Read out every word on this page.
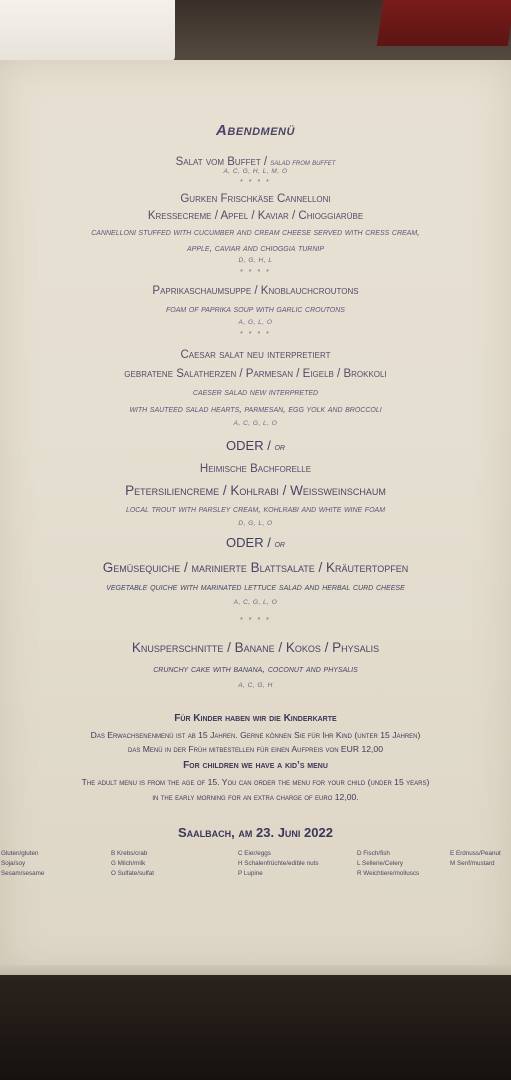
Abendmenü
Salat vom Buffet / salad from buffet
A, C, G, H, L, M, O
* * * *
Gurken Frischkäse Cannelloni
Kressecreme / Apfel / Kaviar / Chioggiarübe
cannelloni stuffed with cucumber and cream cheese served with cress cream,
apple, caviar and chioggia turnip
D, G, H, L
* * * *
Paprikaschaumsuppe / Knoblauchcroutons
foam of paprika soup with garlic croutons
A, G, L, O
* * * *
Caesar salat neu interpretiert
gebratene Salatherzen / Parmesan / Eigelb / Brokkoli
caeser salad new interpreted
with sauteed salad hearts, parmesan, egg yolk and broccoli
A, C, G, L, O
ODER / or
Heimische Bachforelle
Petersiliencreme / Kohlrabi / Weißweinschaum
local trout with parsley cream, kohlrabi and white wine foam
D, G, L, O
ODER / or
Gemüsequiche / marinierte Blattsalate / Kräutertopfen
vegetable quiche with marinated lettuce salad and herbal curd cheese
A, C, G, L, O
* * * *
Knusperschnitte / Banane / Kokos / Physalis
crunchy cake with banana, coconut and physalis
A, C, G, H
Für Kinder haben wir die Kinderkarte
Das Erwachsenenmenü ist ab 15 Jahren. Gerne können Sie für Ihr Kind (unter 15 Jahren)
das Menü in der Früh mitbestellen für einen Aufpreis von EUR 12,00
For children we have a kid’s menu
The adult menu is from the age of 15. You can order the menu for your child (under 15 years)
in the early morning for an extra charge of euro 12,00.
Saalbach, am 23. Juni 2022
Gluten/gluten
Soja/soy
Sesam/sesame
B Krebs/crab
G Milch/milk
O Sulfate/sulfat
C Eier/eggs
H Schalenfrüchte/edible nuts
P Lupine
D Fisch/fish
L Sellerie/Celery
R Weichtiere/molluscs
E Erdnuss/Peanut
M Senf/mustard
